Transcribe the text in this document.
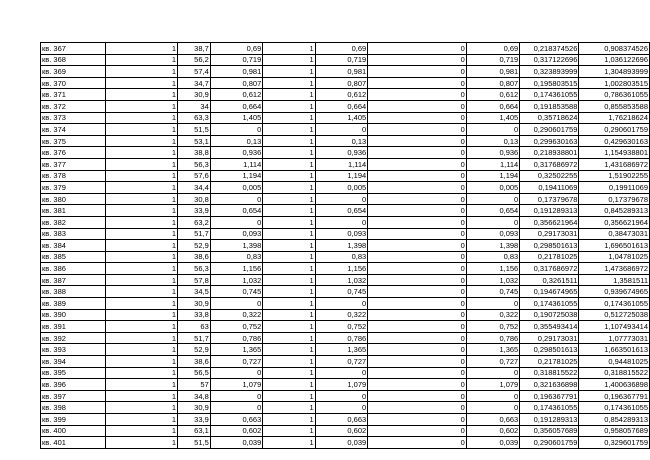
кв. 367	1	38,7	0,69	1	0,69	0	0,69	0,218374526	0,908374526
кв. 368	1	56,2	0,719	1	0,719	0	0,719	0,317122696	1,036122696
кв. 369	1	57,4	0,981	1	0,981	0	0,981	0,323893999	1,304893999
кв. 370	1	34,7	0,807	1	0,807	0	0,807	0,195803515	1,002803515
кв. 371	1	30,9	0,612	1	0,612	0	0,612	0,174361055	0,786361055
кв. 372	1	34	0,664	1	0,664	0	0,664	0,191853588	0,855853588
кв. 373	1	63,3	1,405	1	1,405	0	1,405	0,35718624	1,76218624
кв. 374	1	51,5	0	1	0	0	0	0,290601759	0,290601759
кв. 375	1	53,1	0,13	1	0,13	0	0,13	0,299630163	0,429630163
кв. 376	1	38,8	0,936	1	0,936	0	0,936	0,218938801	1,154938801
кв. 377	1	56,3	1,114	1	1,114	0	1,114	0,317686972	1,431686972
кв. 378	1	57,6	1,194	1	1,194	0	1,194	0,32502255	1,51902255
кв. 379	1	34,4	0,005	1	0,005	0	0,005	0,19411069	0,19911069
кв. 380	1	30,8	0	1	0	0	0	0,17379678	0,17379678
кв. 381	1	33,9	0,654	1	0,654	0	0,654	0,191289313	0,845289313
кв. 382	1	63,2	0	1	0	0	0	0,356621964	0,356621964
кв. 383	1	51,7	0,093	1	0,093	0	0,093	0,29173031	0,38473031
кв. 384	1	52,9	1,398	1	1,398	0	1,398	0,298501613	1,696501613
кв. 385	1	38,6	0,83	1	0,83	0	0,83	0,21781025	1,04781025
кв. 386	1	56,3	1,156	1	1,156	0	1,156	0,317686972	1,473686972
кв. 387	1	57,8	1,032	1	1,032	0	1,032	0,3261511	1,3581511
кв. 388	1	34,5	0,745	1	0,745	0	0,745	0,194674965	0,939674965
кв. 389	1	30,9	0	1	0	0	0	0,174361055	0,174361055
кв. 390	1	33,8	0,322	1	0,322	0	0,322	0,190725038	0,512725038
кв. 391	1	63	0,752	1	0,752	0	0,752	0,355493414	1,107493414
кв. 392	1	51,7	0,786	1	0,786	0	0,786	0,29173031	1,07773031
кв. 393	1	52,9	1,365	1	1,365	0	1,365	0,298501613	1,663501613
кв. 394	1	38,6	0,727	1	0,727	0	0,727	0,21781025	0,94481025
кв. 395	1	56,5	0	1	0	0	0	0,318815522	0,318815522
кв. 396	1	57	1,079	1	1,079	0	1,079	0,321636898	1,400636898
кв. 397	1	34,8	0	1	0	0	0	0,196367791	0,196367791
кв. 398	1	30,9	0	1	0	0	0	0,174361055	0,174361055
кв. 399	1	33,9	0,663	1	0,663	0	0,663	0,191289313	0,854289313
кв. 400	1	63,1	0,602	1	0,602	0	0,602	0,356057689	0,958057689
кв. 401	1	51,5	0,039	1	0,039	0	0,039	0,290601759	0,329601759
